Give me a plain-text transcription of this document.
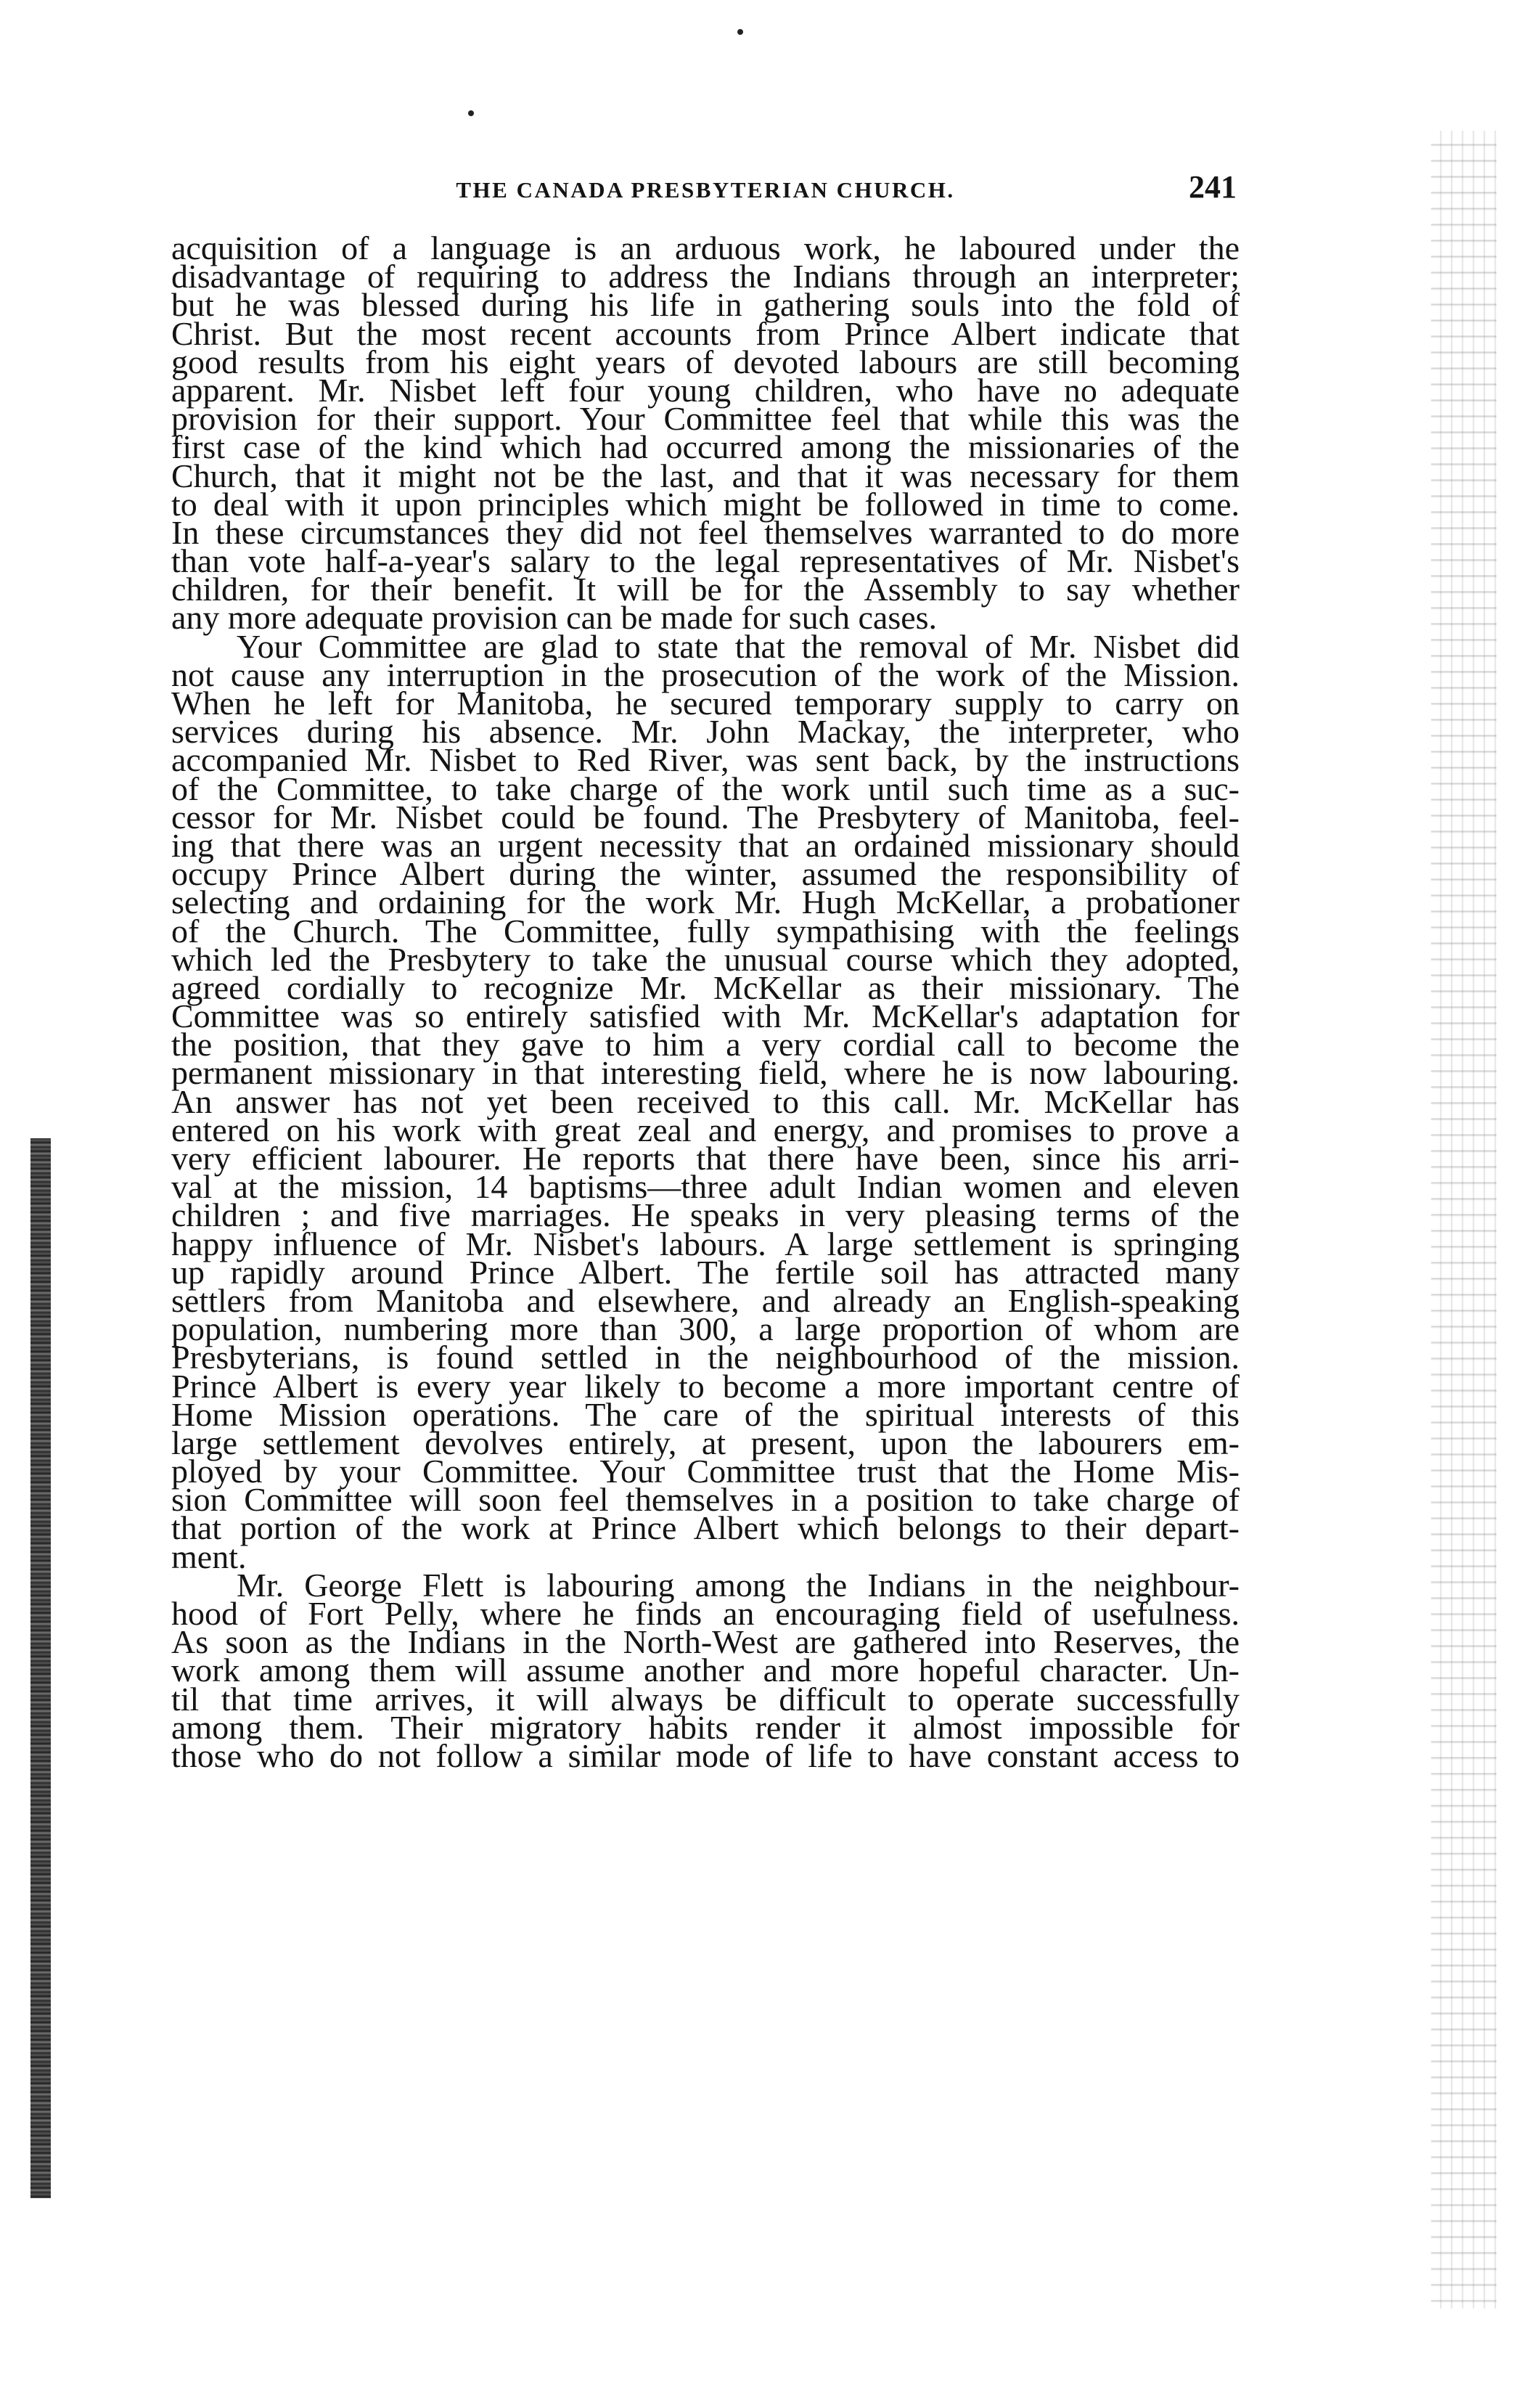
THE CANADA PRESBYTERIAN CHURCH.	241
acquisition of a language is an arduous work, he laboured under the
disadvantage of requiring to address the Indians through an interpreter;
but he was blessed during his life in gathering souls into the fold of
Christ. But the most recent accounts from Prince Albert indicate that
good results from his eight years of devoted labours are still becoming
apparent. Mr. Nisbet left four young children, who have no adequate
provision for their support. Your Committee feel that while this was the
first case of the kind which had occurred among the missionaries of the
Church, that it might not be the last, and that it was necessary for them
to deal with it upon principles which might be followed in time to come.
In these circumstances they did not feel themselves warranted to do more
than vote half-a-year's salary to the legal representatives of Mr. Nisbet's
children, for their benefit. It will be for the Assembly to say whether
any more adequate provision can be made for such cases.
Your Committee are glad to state that the removal of Mr. Nisbet did
not cause any interruption in the prosecution of the work of the Mission.
When he left for Manitoba, he secured temporary supply to carry on
services during his absence. Mr. John Mackay, the interpreter, who
accompanied Mr. Nisbet to Red River, was sent back, by the instructions
of the Committee, to take charge of the work until such time as a suc-
cessor for Mr. Nisbet could be found. The Presbytery of Manitoba, feel-
ing that there was an urgent necessity that an ordained missionary should
occupy Prince Albert during the winter, assumed the responsibility of
selecting and ordaining for the work Mr. Hugh McKellar, a probationer
of the Church. The Committee, fully sympathising with the feelings
which led the Presbytery to take the unusual course which they adopted,
agreed cordially to recognize Mr. McKellar as their missionary. The
Committee was so entirely satisfied with Mr. McKellar's adaptation for
the position, that they gave to him a very cordial call to become the
permanent missionary in that interesting field, where he is now labouring.
An answer has not yet been received to this call. Mr. McKellar has
entered on his work with great zeal and energy, and promises to prove a
very efficient labourer. He reports that there have been, since his arri-
val at the mission, 14 baptisms—three adult Indian women and eleven
children ; and five marriages. He speaks in very pleasing terms of the
happy influence of Mr. Nisbet's labours. A large settlement is springing
up rapidly around Prince Albert. The fertile soil has attracted many
settlers from Manitoba and elsewhere, and already an English-speaking
population, numbering more than 300, a large proportion of whom are
Presbyterians, is found settled in the neighbourhood of the mission.
Prince Albert is every year likely to become a more important centre of
Home Mission operations. The care of the spiritual interests of this
large settlement devolves entirely, at present, upon the labourers em-
ployed by your Committee. Your Committee trust that the Home Mis-
sion Committee will soon feel themselves in a position to take charge of
that portion of the work at Prince Albert which belongs to their depart-
ment.
Mr. George Flett is labouring among the Indians in the neighbour-
hood of Fort Pelly, where he finds an encouraging field of usefulness.
As soon as the Indians in the North-West are gathered into Reserves, the
work among them will assume another and more hopeful character. Un-
til that time arrives, it will always be difficult to operate successfully
among them. Their migratory habits render it almost impossible for
those who do not follow a similar mode of life to have constant access to
